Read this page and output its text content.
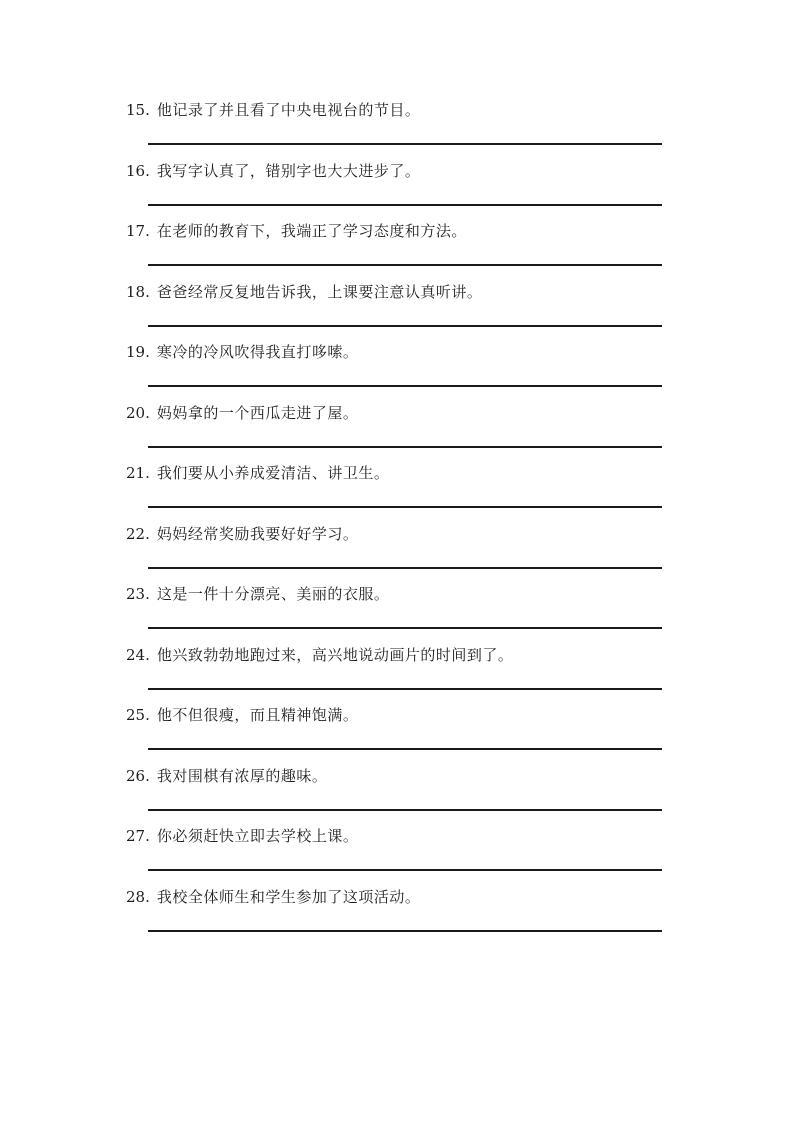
15. 他记录了并且看了中央电视台的节目。
16. 我写字认真了，错别字也大大进步了。
17. 在老师的教育下，我端正了学习态度和方法。
18. 爸爸经常反复地告诉我，上课要注意认真听讲。
19. 寒冷的冷风吹得我直打哆嗦。
20. 妈妈拿的一个西瓜走进了屋。
21. 我们要从小养成爱清洁、讲卫生。
22. 妈妈经常奖励我要好好学习。
23. 这是一件十分漂亮、美丽的衣服。
24. 他兴致勃勃地跑过来，高兴地说动画片的时间到了。
25. 他不但很瘦，而且精神饱满。
26. 我对围棋有浓厚的趣味。
27. 你必须赶快立即去学校上课。
28. 我校全体师生和学生参加了这项活动。
